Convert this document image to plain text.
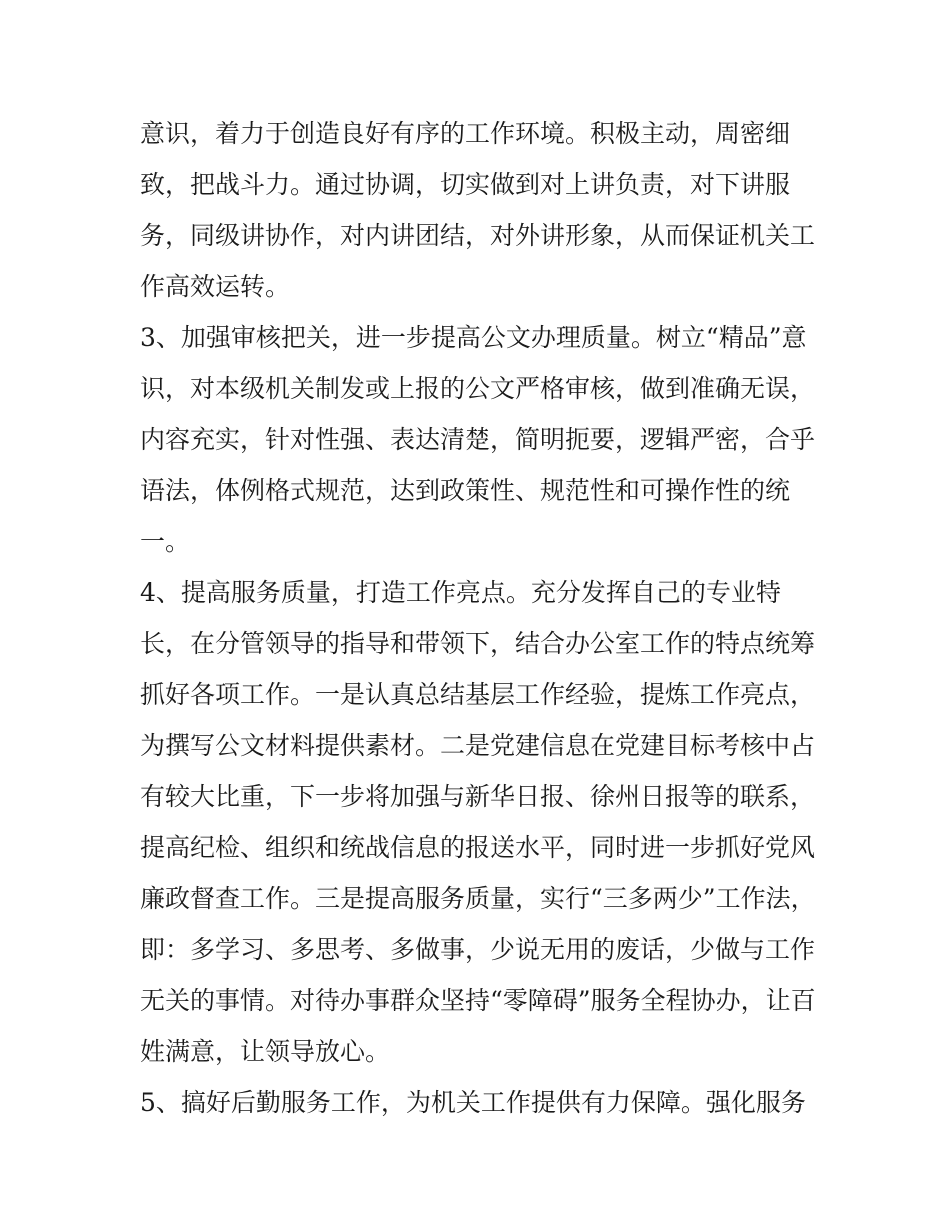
意识，着力于创造良好有序的工作环境。积极主动，周密细
致，把战斗力。通过协调，切实做到对上讲负责，对下讲服
务，同级讲协作，对内讲团结，对外讲形象，从而保证机关工
作高效运转。
3、加强审核把关，进一步提高公文办理质量。树立“精品”意
识，对本级机关制发或上报的公文严格审核，做到准确无误，
内容充实，针对性强、表达清楚，简明扼要，逻辑严密，合乎
语法，体例格式规范，达到政策性、规范性和可操作性的统
一。
4、提高服务质量，打造工作亮点。充分发挥自己的专业特
长，在分管领导的指导和带领下，结合办公室工作的特点统筹
抓好各项工作。一是认真总结基层工作经验，提炼工作亮点，
为撰写公文材料提供素材。二是党建信息在党建目标考核中占
有较大比重，下一步将加强与新华日报、徐州日报等的联系，
提高纪检、组织和统战信息的报送水平，同时进一步抓好党风
廉政督查工作。三是提高服务质量，实行“三多两少”工作法，
即：多学习、多思考、多做事，少说无用的废话，少做与工作
无关的事情。对待办事群众坚持“零障碍”服务全程协办，让百
姓满意，让领导放心。
5、搞好后勤服务工作，为机关工作提供有力保障。强化服务
